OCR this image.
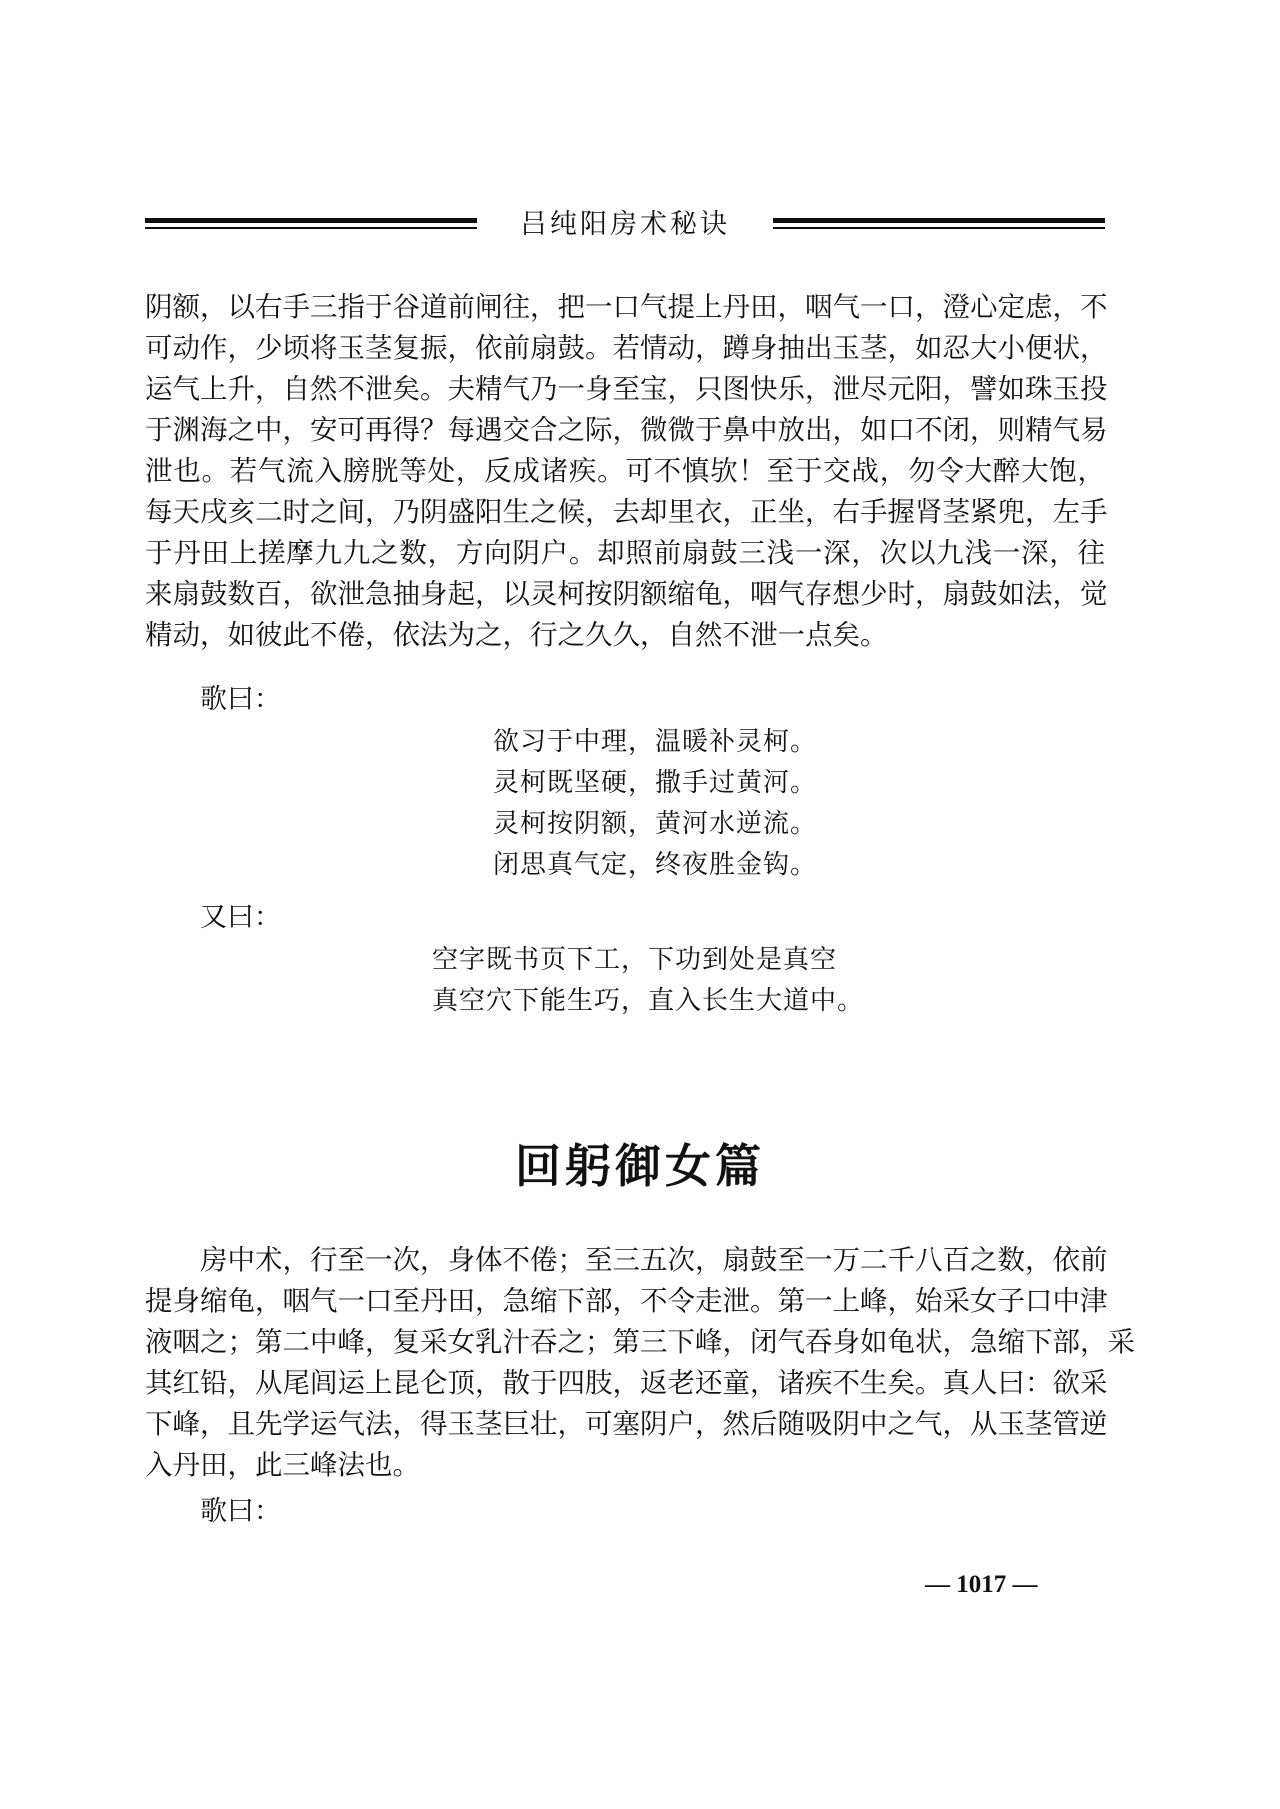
吕纯阳房术秘诀
阴额，以右手三指于谷道前闸往，把一口气提上丹田，咽气一口，澄心定虑，不
可动作，少顷将玉茎复振，依前扇鼓。若情动，蹲身抽出玉茎，如忍大小便状，
运气上升，自然不泄矣。夫精气乃一身至宝，只图快乐，泄尽元阳，譬如珠玉投
于渊海之中，安可再得？每遇交合之际，微微于鼻中放出，如口不闭，则精气易
泄也。若气流入膀胱等处，反成诸疾。可不慎欤！至于交战，勿令大醉大饱，
每天戌亥二时之间，乃阴盛阳生之候，去却里衣，正坐，右手握肾茎紧兜，左手
于丹田上搓摩九九之数，方向阴户。却照前扇鼓三浅一深，次以九浅一深，往
来扇鼓数百，欲泄急抽身起，以灵柯按阴额缩龟，咽气存想少时，扇鼓如法，觉
精动，如彼此不倦，依法为之，行之久久，自然不泄一点矣。
歌曰：
欲习于中理，温暖补灵柯。
灵柯既坚硬，撒手过黄河。
灵柯按阴额，黄河水逆流。
闭思真气定，终夜胜金钩。
又曰：
空字既书页下工，下功到处是真空
真空穴下能生巧，直入长生大道中。
回躬御女篇
房中术，行至一次，身体不倦；至三五次，扇鼓至一万二千八百之数，依前
提身缩龟，咽气一口至丹田，急缩下部，不令走泄。第一上峰，始采女子口中津
液咽之；第二中峰，复采女乳汁吞之；第三下峰，闭气吞身如龟状，急缩下部，采
其红铅，从尾闾运上昆仑顶，散于四肢，返老还童，诸疾不生矣。真人曰：欲采
下峰，且先学运气法，得玉茎巨壮，可塞阴户，然后随吸阴中之气，从玉茎管逆
入丹田，此三峰法也。
歌曰：
— 1017 —
